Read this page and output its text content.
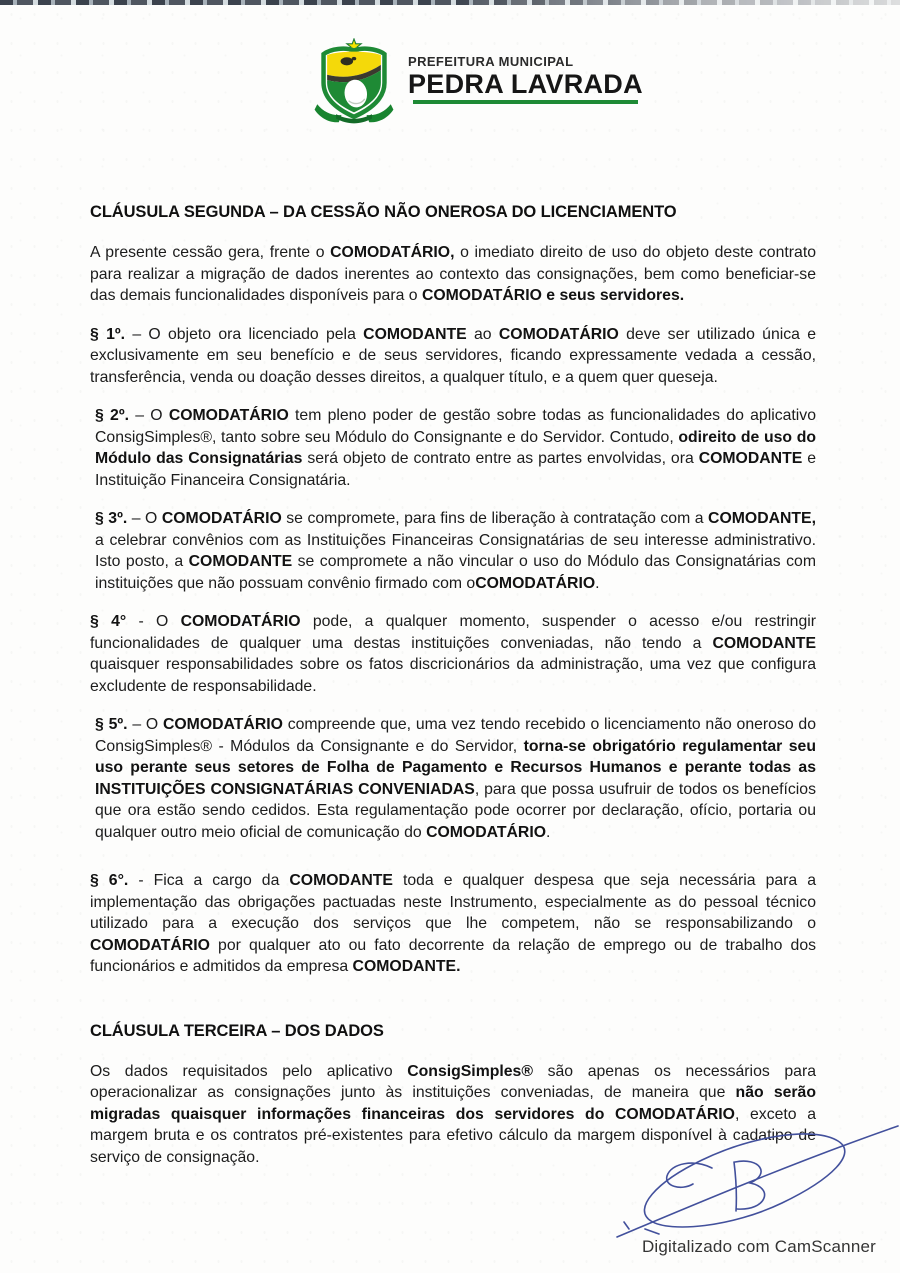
PREFEITURA MUNICIPAL
PEDRA LAVRADA
CLÁUSULA SEGUNDA – DA CESSÃO NÃO ONEROSA DO LICENCIAMENTO

A presente cessão gera, frente o COMODATÁRIO, o imediato direito de uso do objeto deste contrato para realizar a migração de dados inerentes ao contexto das consignações, bem como beneficiar-se das demais funcionalidades disponíveis para o COMODATÁRIO e seus servidores.

§ 1º. – O objeto ora licenciado pela COMODANTE ao COMODATÁRIO deve ser utilizado única e exclusivamente em seu benefício e de seus servidores, ficando expressamente vedada a cessão, transferência, venda ou doação desses direitos, a qualquer título, e a quem quer queseja.

§ 2º. – O COMODATÁRIO tem pleno poder de gestão sobre todas as funcionalidades do aplicativo ConsigSimples®, tanto sobre seu Módulo do Consignante e do Servidor. Contudo, odireito de uso do Módulo das Consignatárias será objeto de contrato entre as partes envolvidas, ora COMODANTE e Instituição Financeira Consignatária.

§ 3º. – O COMODATÁRIO se compromete, para fins de liberação à contratação com a COMODANTE, a celebrar convênios com as Instituições Financeiras Consignatárias de seu interesse administrativo. Isto posto, a COMODANTE se compromete a não vincular o uso do Módulo das Consignatárias com instituições que não possuam convênio firmado com oCOMODATÁRIO.

§ 4° - O COMODATÁRIO pode, a qualquer momento, suspender o acesso e/ou restringir funcionalidades de qualquer uma destas instituições conveniadas, não tendo a COMODANTE quaisquer responsabilidades sobre os fatos discricionários da administração, uma vez que configura excludente de responsabilidade.

§ 5º. – O COMODATÁRIO compreende que, uma vez tendo recebido o licenciamento não oneroso do ConsigSimples® - Módulos da Consignante e do Servidor, torna-se obrigatório regulamentar seu uso perante seus setores de Folha de Pagamento e Recursos Humanos e perante todas as INSTITUIÇÕES CONSIGNATÁRIAS CONVENIADAS, para que possa usufruir de todos os benefícios que ora estão sendo cedidos. Esta regulamentação pode ocorrer por declaração, ofício, portaria ou qualquer outro meio oficial de comunicação do COMODATÁRIO.

§ 6°. - Fica a cargo da COMODANTE toda e qualquer despesa que seja necessária para a implementação das obrigações pactuadas neste Instrumento, especialmente as do pessoal técnico utilizado para a execução dos serviços que lhe competem, não se responsabilizando o COMODATÁRIO por qualquer ato ou fato decorrente da relação de emprego ou de trabalho dos funcionários e admitidos da empresa COMODANTE.

CLÁUSULA TERCEIRA – DOS DADOS

Os dados requisitados pelo aplicativo ConsigSimples® são apenas os necessários para operacionalizar as consignações junto às instituições conveniadas, de maneira que não serão migradas quaisquer informações financeiras dos servidores do COMODATÁRIO, exceto a margem bruta e os contratos pré-existentes para efetivo cálculo da margem disponível à cadatipo de serviço de consignação.

Digitalizado com CamScanner
